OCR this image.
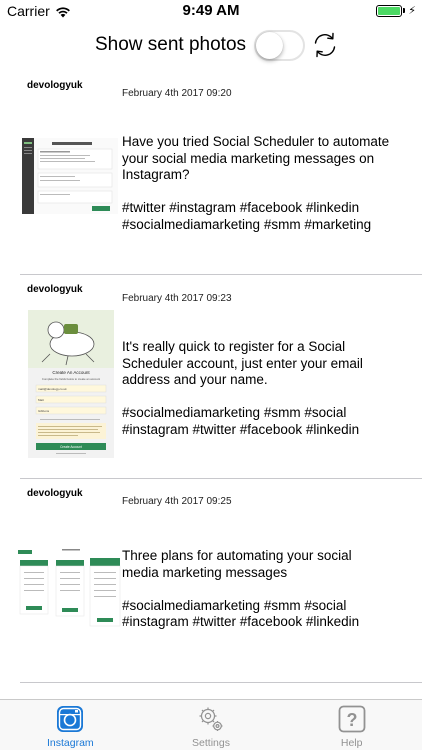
Carrier	9:49 AM	⚡
Show sent photos
devologyuk
February 4th 2017 09:20
Have you tried Social Scheduler to automate your social media marketing messages on Instagram?

#twitter #instagram #facebook #linkedin #socialmediamarketing #smm #marketing
devologyuk
February 4th 2017 09:23
Create An Account
Complete the fields below to create an account
matt@devology.co.uk
Matt
Gibbons
Create Account
It's really quick to register for a Social Scheduler account, just enter your email address and your name.

#socialmediamarketing #smm #social #instagram #twitter #facebook #linkedin
devologyuk
February 4th 2017 09:25
Three plans for automating your social media marketing messages

#socialmediamarketing #smm #social #instagram #twitter #facebook #linkedin
Instagram	Settings
?
Help
